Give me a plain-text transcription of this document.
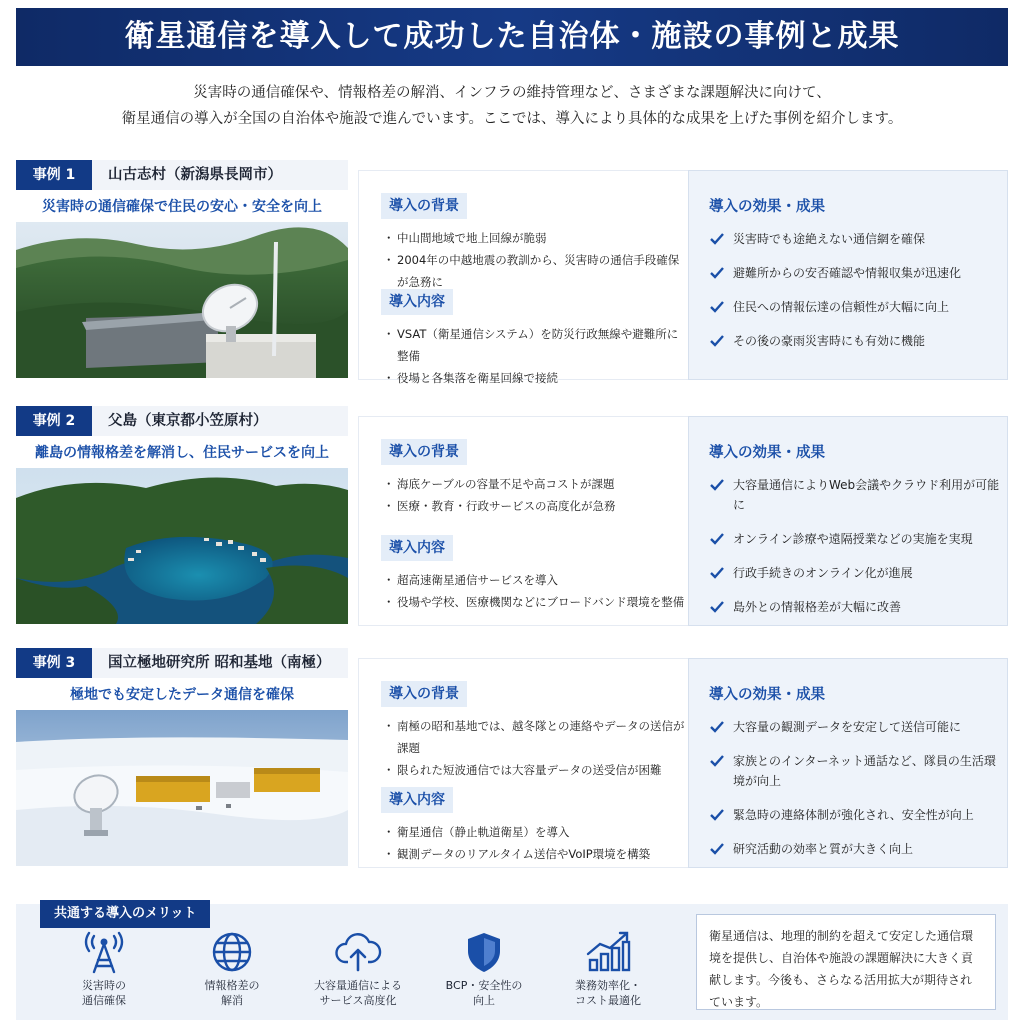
衛星通信を導入して成功した自治体・施設の事例と成果
災害時の通信確保や、情報格差の解消、インフラの維持管理など、さまざまな課題解決に向けて、
衛星通信の導入が全国の自治体や施設で進んでいます。ここでは、導入により具体的な成果を上げた事例を紹介します。
事例 1	山古志村（新潟県長岡市）
災害時の通信確保で住民の安心・安全を向上	導入の背景
・ 中山間地域で地上回線が脆弱
・ 2004年の中越地震の教訓から、災害時の通信手段確保が急務に
導入内容
・ VSAT（衛星通信システム）を防災行政無線や避難所に整備
・ 役場と各集落を衛星回線で接続
導入の効果・成果
災害時でも途絶えない通信網を確保
避難所からの安否確認や情報収集が迅速化
住民への情報伝達の信頼性が大幅に向上
その後の豪雨災害時にも有効に機能
事例 2	父島（東京都小笠原村）
離島の情報格差を解消し、住民サービスを向上	導入の背景
・ 海底ケーブルの容量不足や高コストが課題
・ 医療・教育・行政サービスの高度化が急務
導入内容
・ 超高速衛星通信サービスを導入
・ 役場や学校、医療機関などにブロードバンド環境を整備
導入の効果・成果
大容量通信によりWeb会議やクラウド利用が可能に
オンライン診療や遠隔授業などの実施を実現
行政手続きのオンライン化が進展
島外との情報格差が大幅に改善
事例 3	国立極地研究所 昭和基地（南極）
極地でも安定したデータ通信を確保	導入の背景
・ 南極の昭和基地では、越冬隊との連絡やデータの送信が課題
・ 限られた短波通信では大容量データの送受信が困難
導入内容
・ 衛星通信（静止軌道衛星）を導入
・ 観測データのリアルタイム送信やVoIP環境を構築
導入の効果・成果
大容量の観測データを安定して送信可能に
家族とのインターネット通話など、隊員の生活環境が向上
緊急時の連絡体制が強化され、安全性が向上
研究活動の効率と質が大きく向上
共通する導入のメリット
災害時の
通信確保
情報格差の
解消
大容量通信による
サービス高度化
BCP・安全性の
向上
業務効率化・
コスト最適化
衛星通信は、地理的制約を超えて安定した通信環境を提供し、自治体や施設の課題解決に大きく貢献します。今後も、さらなる活用拡大が期待されています。
